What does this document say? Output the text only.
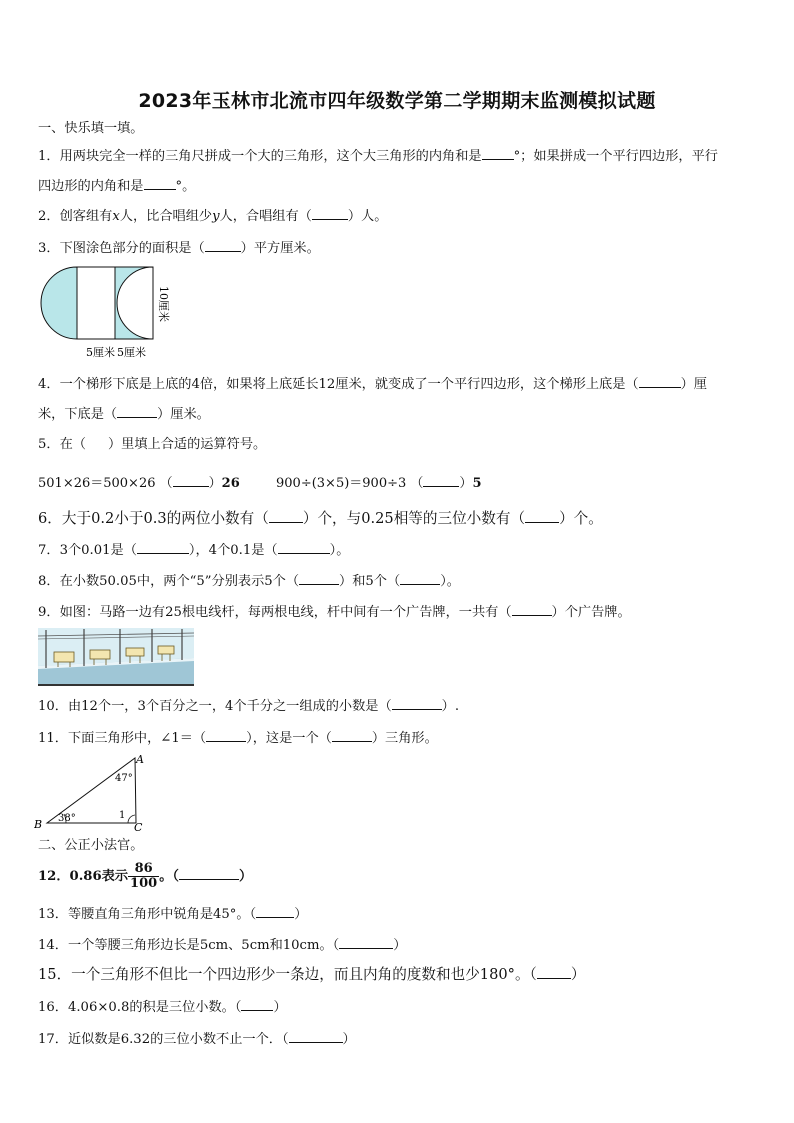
2023年玉林市北流市四年级数学第二学期期末监测模拟试题
一、快乐填一填。
1．用两块完全一样的三角尺拼成一个大的三角形，这个大三角形的内角和是 °；如果拼成一个平行四边形，平行
四边形的内角和是 °。
2．创客组有x人，比合唱组少y人，合唱组有（	）人。
3．下图涂色部分的面积是（	）平方厘米。
5厘米 5厘米
10厘米
4．一个梯形下底是上底的4倍，如果将上底延长12厘米，就变成了一个平行四边形，这个梯形上底是（	）厘
米，下底是（	）厘米。
5．在（ ）里填上合适的运算符号。
501×26＝500×26 （	）26	900÷(3×5)＝900÷3 （	）5
6．大于0.2小于0.3的两位小数有（ ）个，与0.25相等的三位小数有（ ）个。
7．3个0.01是（	），4个0.1是（	）。
8．在小数50.05中，两个“5”分别表示5个（	）和5个（	）。
9．如图：马路一边有25根电线杆，每两根电线，杆中间有一个广告牌，一共有（	）个广告牌。
10．由12个一，3个百分之一，4个千分之一组成的小数是（	）.
11．下面三角形中，∠1＝（	），这是一个（	）三角形。
A
B	C
47°
38°	1
二、公正小法官。
12．0.86表示 $\frac{86}{100}$ 。（	）
13．等腰直角三角形中锐角是45°。（	）
14．一个等腰三角形边长是5cm、5cm和10cm。（	）
15．一个三角形不但比一个四边形少一条边，而且内角的度数和也少180°。（ ）
16．4.06×0.8的积是三位小数。（ ）
17．近似数是6.32的三位小数不止一个．（	）
